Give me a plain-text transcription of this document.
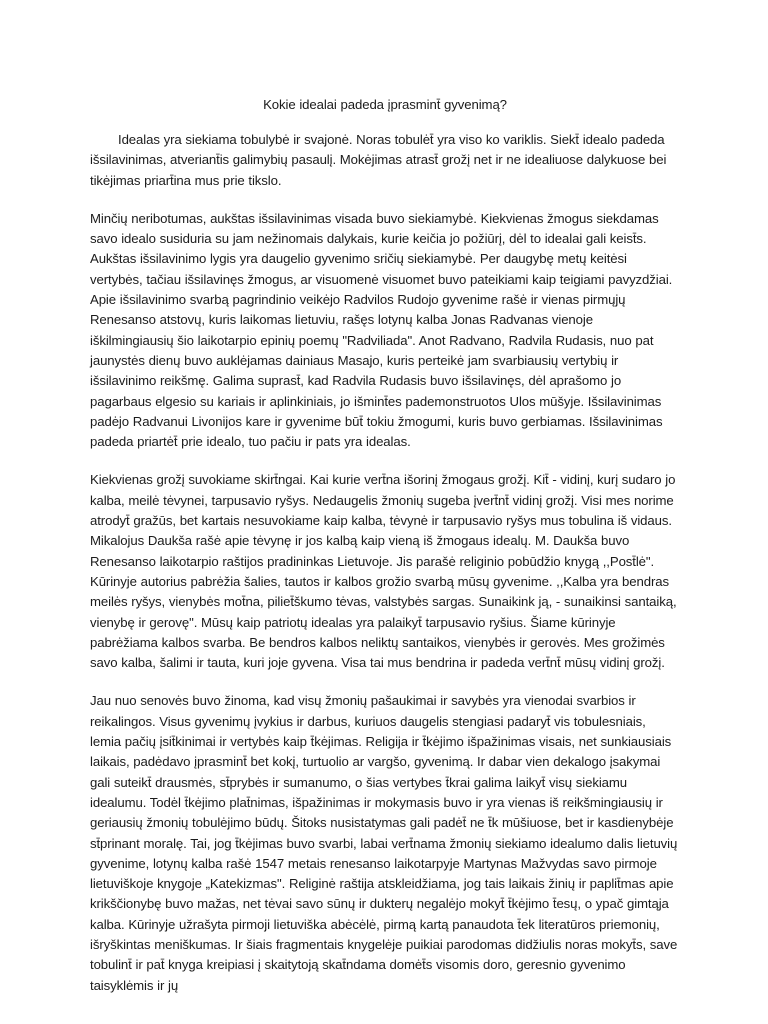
Kokie idealai padeda įprasmint̄ gyvenimą?

Idealas yra siekiama tobulybė ir svajonė. Noras tobulėt̄ yra viso ko variklis. Siekt̄ idealo padeda išsilavinimas, atveriant̄is galimybių pasaulį. Mokėjimas atrast̄ grožį net ir ne idealiuose dalykuose bei tikėjimas priart̄ina mus prie tikslo.

Minčių neribotumas, aukštas išsilavinimas visada buvo siekiamybė. Kiekvienas žmogus siekdamas savo idealo susiduria su jam nežinomais dalykais, kurie keičia jo požiūrį, dėl to idealai gali keist̄s. Aukštas išsilavinimo lygis yra daugelio gyvenimo sričių siekiamybė. Per daugybę metų keitėsi vertybės, tačiau išsilavinęs žmogus, ar visuomenė visuomet buvo pateikiami kaip teigiami pavyzdžiai. Apie išsilavinimo svarbą pagrindinio veikėjo Radvilos Rudojo gyvenime rašė ir vienas pirmųjų Renesanso atstovų, kuris laikomas lietuviu, rašęs lotynų kalba Jonas Radvanas vienoje iškilmingiausių šio laikotarpio epinių poemų "Radviliada". Anot Radvano, Radvila Rudasis, nuo pat jaunystės dienų buvo auklėjamas dainiaus Masajo, kuris perteikė jam svarbiausių vertybių ir išsilavinimo reikšmę. Galima suprast̄, kad Radvila Rudasis buvo išsilavinęs, dėl aprašomo jo pagarbaus elgesio su kariais ir aplinkiniais, jo išmint̄es pademonstruotos Ulos mūšyje. Išsilavinimas padėjo Radvanui Livonijos kare ir gyvenime būt̄ tokiu žmogumi, kuris buvo gerbiamas. Išsilavinimas padeda priartėt̄ prie idealo, tuo pačiu ir pats yra idealas.

Kiekvienas grožį suvokiame skirt̄ngai. Kai kurie vert̄na išorinį žmogaus grožį. Kit̄ - vidinį, kurį sudaro jo kalba, meilė tėvynei, tarpusavio ryšys. Nedaugelis žmonių sugeba įvert̄nt̄ vidinį grožį. Visi mes norime atrodyt̄ gražūs, bet kartais nesuvokiame kaip kalba, tėvynė ir tarpusavio ryšys mus tobulina iš vidaus. Mikalojus Daukša rašė apie tėvynę ir jos kalbą kaip vieną iš žmogaus idealų. M. Daukša buvo Renesanso laikotarpio raštijos pradininkas Lietuvoje. Jis parašė religinio pobūdžio knygą ,,Post̄lė". Kūrinyje autorius pabrėžia šalies, tautos ir kalbos grožio svarbą mūsų gyvenime. ,,Kalba yra bendras meilės ryšys, vienybės mot̄na, piliet̄škumo tėvas, valstybės sargas. Sunaikink ją, - sunaikinsi santaiką, vienybę ir gerovę". Mūsų kaip patriotų idealas yra palaikyt̄ tarpusavio ryšius. Šiame kūrinyje pabrėžiama kalbos svarba. Be bendros kalbos neliktų santaikos, vienybės ir gerovės. Mes grožimės savo kalba, šalimi ir tauta, kuri joje gyvena. Visa tai mus bendrina ir padeda vert̄nt̄ mūsų vidinį grožį.

Jau nuo senovės buvo žinoma, kad visų žmonių pašaukimai ir savybės yra vienodai svarbios ir reikalingos. Visus gyvenimų įvykius ir darbus, kuriuos daugelis stengiasi padaryt̄ vis tobulesniais, lemia pačių įsit̄kinimai ir vertybės kaip t̄kėjimas. Religija ir t̄kėjimo išpažinimas visais, net sunkiausiais laikais, padėdavo įprasmint̄ bet kokį, turtuolio ar vargšo, gyvenimą. Ir dabar vien dekalogo įsakymai gali suteikt̄ drausmės, st̄prybės ir sumanumo, o šias vertybes t̄krai galima laikyt̄ visų siekiamu idealumu. Todėl t̄kėjimo plat̄nimas, išpažinimas ir mokymasis buvo ir yra vienas iš reikšmingiausių ir geriausių žmonių tobulėjimo būdų. Šitoks nusistatymas gali padėt̄ ne t̄k mūšiuose, bet ir kasdienybėje st̄prinant moralę. Tai, jog t̄kėjimas buvo svarbi, labai vert̄nama žmonių siekiamo idealumo dalis lietuvių gyvenime, lotynų kalba rašė 1547 metais renesanso laikotarpyje Martynas Mažvydas savo pirmoje lietuviškoje knygoje „Katekizmas". Religinė raštija atskleidžiama, jog tais laikais žinių ir paplit̄mas apie krikščionybę buvo mažas, net tėvai savo sūnų ir dukterų negalėjo mokyt̄ t̄kėjimo t̄esų, o ypač gimtąja kalba. Kūrinyje užrašyta pirmoji lietuviška abėcėlė, pirmą kartą panaudota t̄ek literatūros priemonių, išryškintas meniškumas. Ir šiais fragmentais knygelėje puikiai parodomas didžiulis noras mokyt̄s, save tobulint̄ ir pat̄ knyga kreipiasi į skaitytoją skat̄ndama domėt̄s visomis doro, geresnio gyvenimo taisyklėmis ir jų
